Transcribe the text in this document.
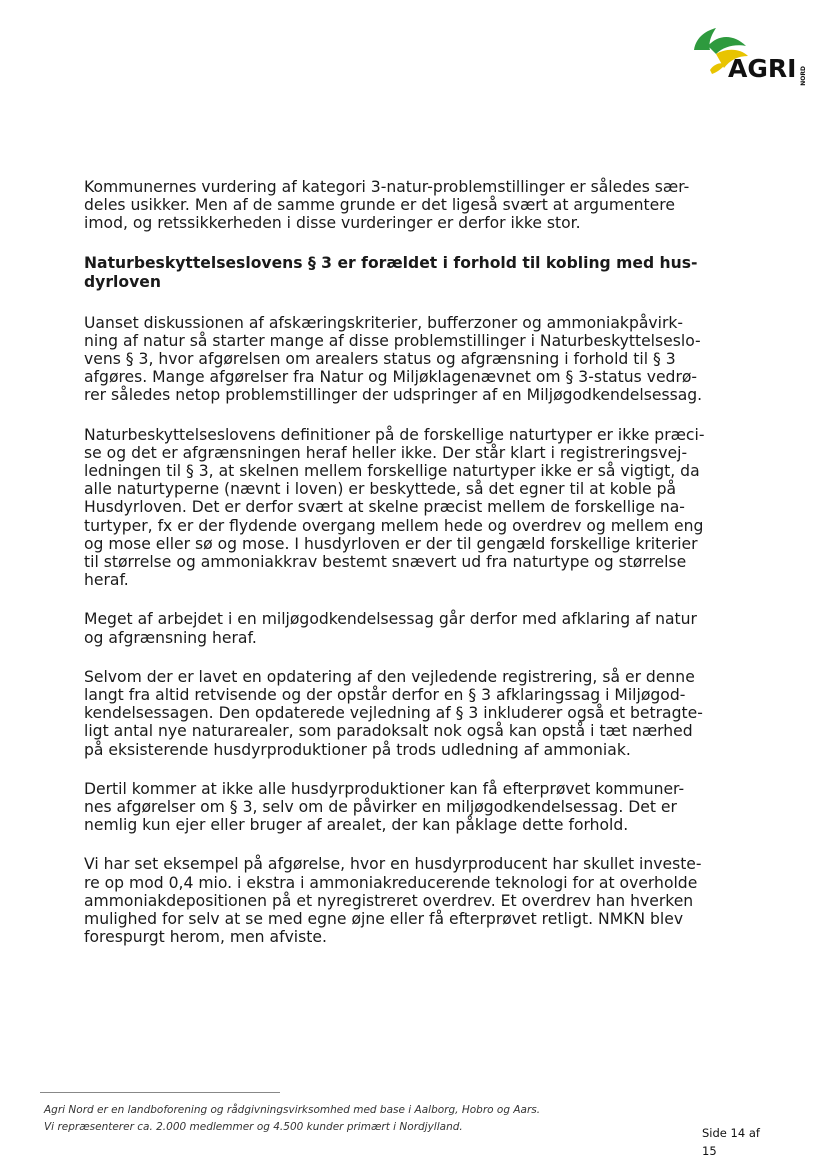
AGRI NORD

Kommunernes vurdering af kategori 3-natur-problemstillinger er således sær-
deles usikker. Men af de samme grunde er det ligeså svært at argumentere
imod, og retssikkerheden i disse vurderinger er derfor ikke stor.

Naturbeskyttelseslovens § 3 er forældet i forhold til kobling med hus-
dyrloven

Uanset diskussionen af afskæringskriterier, bufferzoner og ammoniakpåvirk-
ning af natur så starter mange af disse problemstillinger i Naturbeskyttelseslo-
vens § 3, hvor afgørelsen om arealers status og afgrænsning i forhold til § 3
afgøres. Mange afgørelser fra Natur og Miljøklagenævnet om § 3-status vedrø-
rer således netop problemstillinger der udspringer af en Miljøgodkendelsessag.

Naturbeskyttelseslovens definitioner på de forskellige naturtyper er ikke præci-
se og det er afgrænsningen heraf heller ikke. Der står klart i registreringsvej-
ledningen til § 3, at skelnen mellem forskellige naturtyper ikke er så vigtigt, da
alle naturtyperne (nævnt i loven) er beskyttede, så det egner til at koble på
Husdyrloven. Det er derfor svært at skelne præcist mellem de forskellige na-
turtyper, fx er der flydende overgang mellem hede og overdrev og mellem eng
og mose eller sø og mose. I husdyrloven er der til gengæld forskellige kriterier
til størrelse og ammoniakkrav bestemt snævert ud fra naturtype og størrelse
heraf.

Meget af arbejdet i en miljøgodkendelsessag går derfor med afklaring af natur
og afgrænsning heraf.

Selvom der er lavet en opdatering af den vejledende registrering, så er denne
langt fra altid retvisende og der opstår derfor en § 3 afklaringssag i Miljøgod-
kendelsessagen. Den opdaterede vejledning af § 3 inkluderer også et betragte-
ligt antal nye naturarealer, som paradoksalt nok også kan opstå i tæt nærhed
på eksisterende husdyrproduktioner på trods udledning af ammoniak.

Dertil kommer at ikke alle husdyrproduktioner kan få efterprøvet kommuner-
nes afgørelser om § 3, selv om de påvirker en miljøgodkendelsessag. Det er
nemlig kun ejer eller bruger af arealet, der kan påklage dette forhold.

Vi har set eksempel på afgørelse, hvor en husdyrproducent har skullet investe-
re op mod 0,4 mio. i ekstra i ammoniakreducerende teknologi for at overholde
ammoniakdepositionen på et nyregistreret overdrev. Et overdrev han hverken
mulighed for selv at se med egne øjne eller få efterprøvet retligt. NMKN blev
forespurgt herom, men afviste.

Agri Nord er en landboforening og rådgivningsvirksomhed med base i Aalborg, Hobro og Aars.
Vi repræsenterer ca. 2.000 medlemmer og 4.500 kunder primært i Nordjylland.	Side 14 af
15
